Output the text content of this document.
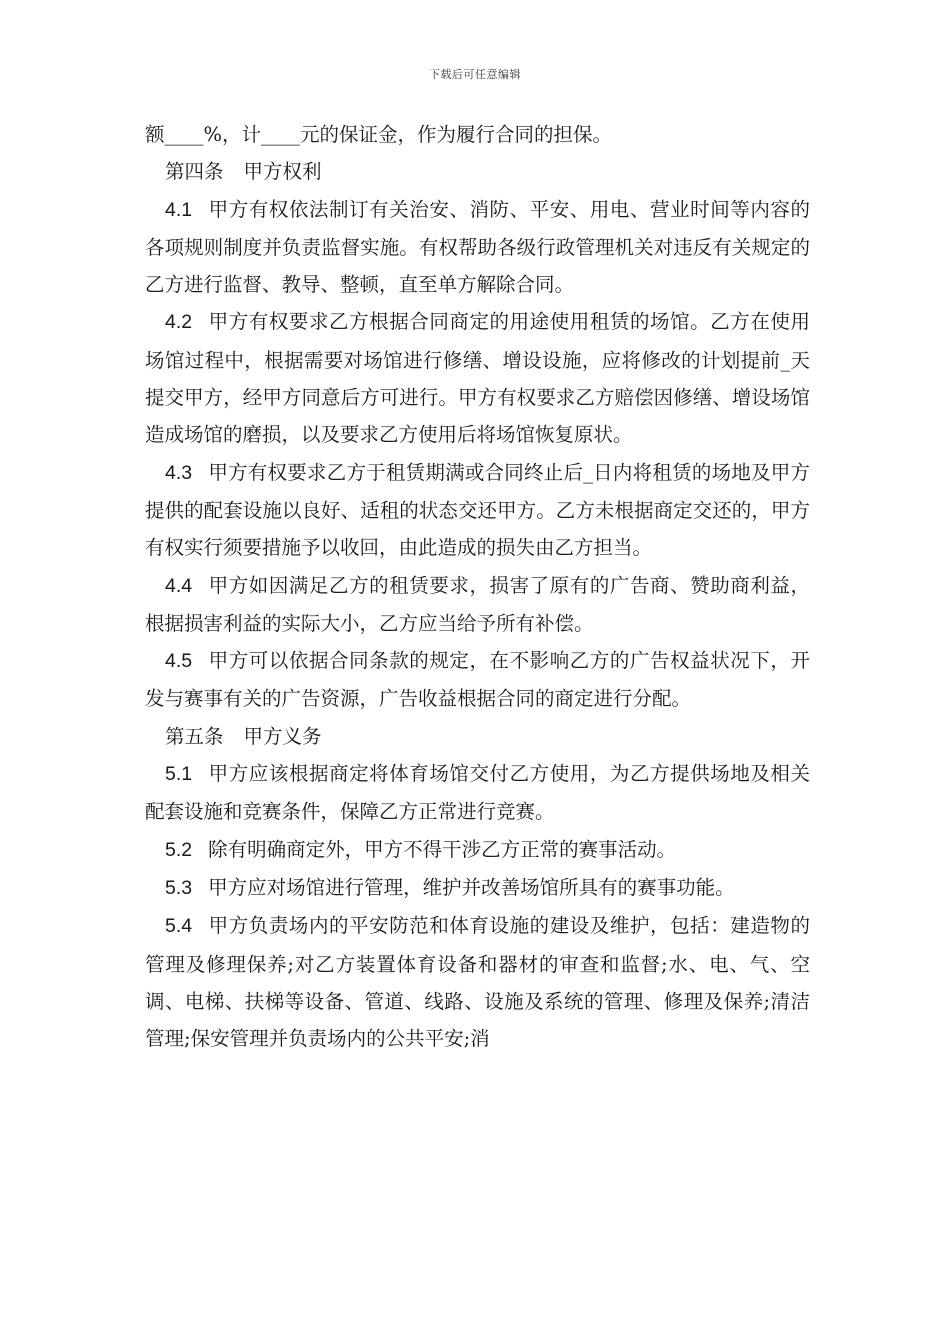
下载后可任意编辑

额____%，计____元的保证金，作为履行合同的担保。

第四条 甲方权利

4.1 甲方有权依法制订有关治安、消防、平安、用电、营业时间等内容的各项规则制度并负责监督实施。有权帮助各级行政管理机关对违反有关规定的乙方进行监督、教导、整顿，直至单方解除合同。

4.2 甲方有权要求乙方根据合同商定的用途使用租赁的场馆。乙方在使用场馆过程中，根据需要对场馆进行修缮、增设设施，应将修改的计划提前_天提交甲方，经甲方同意后方可进行。甲方有权要求乙方赔偿因修缮、增设场馆造成场馆的磨损，以及要求乙方使用后将场馆恢复原状。

4.3 甲方有权要求乙方于租赁期满或合同终止后_日内将租赁的场地及甲方提供的配套设施以良好、适租的状态交还甲方。乙方未根据商定交还的，甲方有权实行须要措施予以收回，由此造成的损失由乙方担当。

4.4 甲方如因满足乙方的租赁要求，损害了原有的广告商、赞助商利益，根据损害利益的实际大小，乙方应当给予所有补偿。

4.5 甲方可以依据合同条款的规定，在不影响乙方的广告权益状况下，开发与赛事有关的广告资源，广告收益根据合同的商定进行分配。

第五条 甲方义务

5.1 甲方应该根据商定将体育场馆交付乙方使用，为乙方提供场地及相关配套设施和竞赛条件，保障乙方正常进行竞赛。

5.2 除有明确商定外，甲方不得干涉乙方正常的赛事活动。

5.3 甲方应对场馆进行管理，维护并改善场馆所具有的赛事功能。

5.4 甲方负责场内的平安防范和体育设施的建设及维护，包括：建造物的管理及修理保养;对乙方装置体育设备和器材的审查和监督;水、电、气、空调、电梯、扶梯等设备、管道、线路、设施及系统的管理、修理及保养;清洁管理;保安管理并负责场内的公共平安;消
